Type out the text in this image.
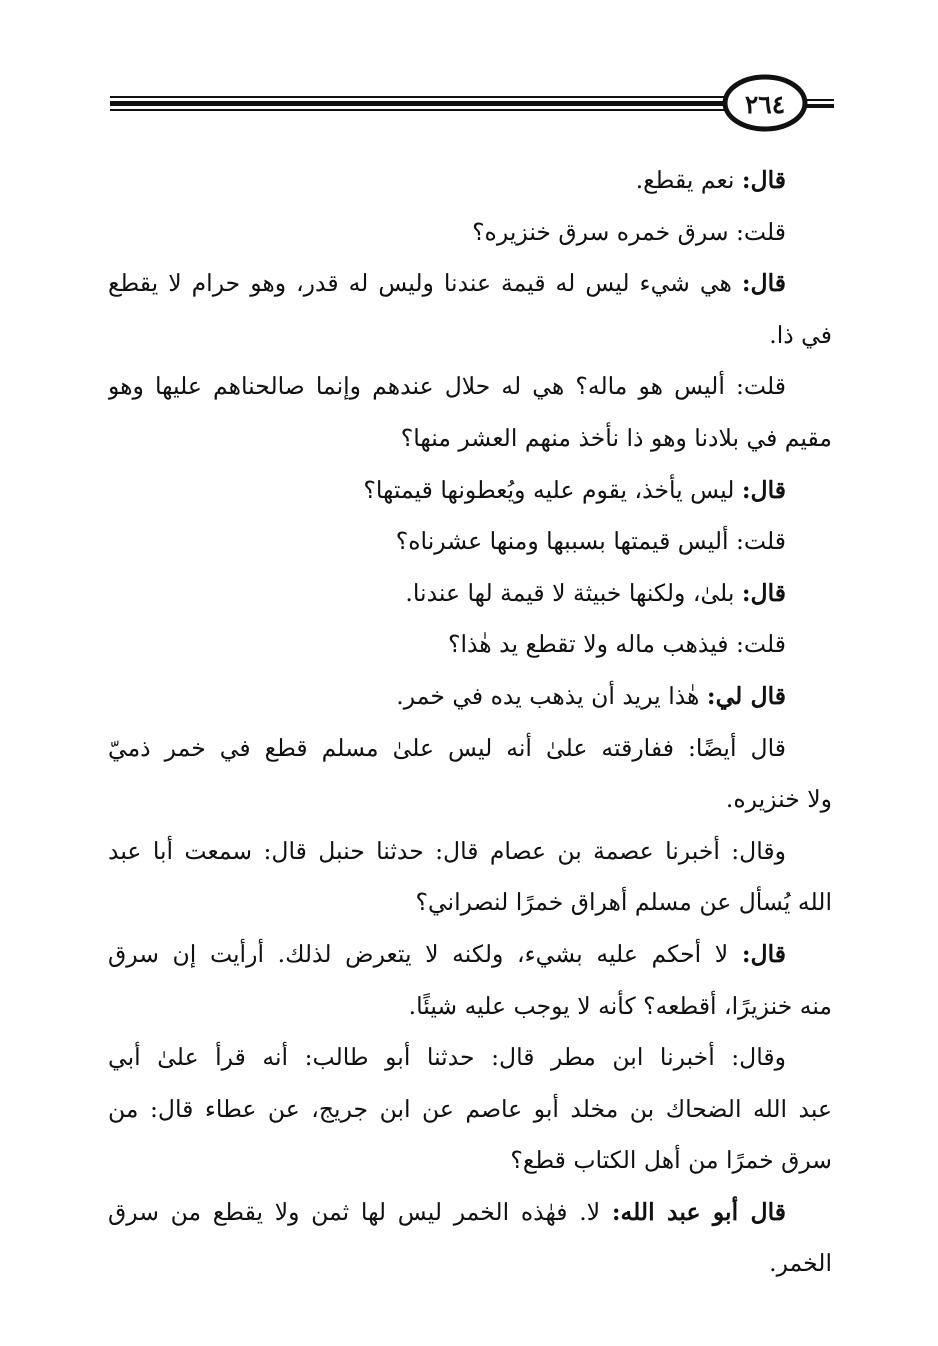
٢٦٤
قال: نعم يقطع.
قلت: سرق خمره سرق خنزيره؟
قال: هي شيء ليس له قيمة عندنا وليس له قدر، وهو حرام لا يقطع
في ذا.
قلت: أليس هو ماله؟ هي له حلال عندهم وإنما صالحناهم عليها وهو
مقيم في بلادنا وهو ذا نأخذ منهم العشر منها؟
قال: ليس يأخذ، يقوم عليه ويُعطونها قيمتها؟
قلت: أليس قيمتها بسببها ومنها عشرناه؟
قال: بلىٰ، ولكنها خبيثة لا قيمة لها عندنا.
قلت: فيذهب ماله ولا تقطع يد هٰذا؟
قال لي: هٰذا يريد أن يذهب يده في خمر.
قال أيضًا: ففارقته علىٰ أنه ليس علىٰ مسلم قطع في خمر ذميّ
ولا خنزيره.
وقال: أخبرنا عصمة بن عصام قال: حدثنا حنبل قال: سمعت أبا عبد
الله يُسأل عن مسلم أهراق خمرًا لنصراني؟
قال: لا أحكم عليه بشيء، ولكنه لا يتعرض لذلك. أرأيت إن سرق
منه خنزيرًا، أقطعه؟ كأنه لا يوجب عليه شيئًا.
وقال: أخبرنا ابن مطر قال: حدثنا أبو طالب: أنه قرأ علىٰ أبي
عبد الله الضحاك بن مخلد أبو عاصم عن ابن جريج، عن عطاء قال: من
سرق خمرًا من أهل الكتاب قطع؟
قال أبو عبد الله: لا. فهٰذه الخمر ليس لها ثمن ولا يقطع من سرق
الخمر.
